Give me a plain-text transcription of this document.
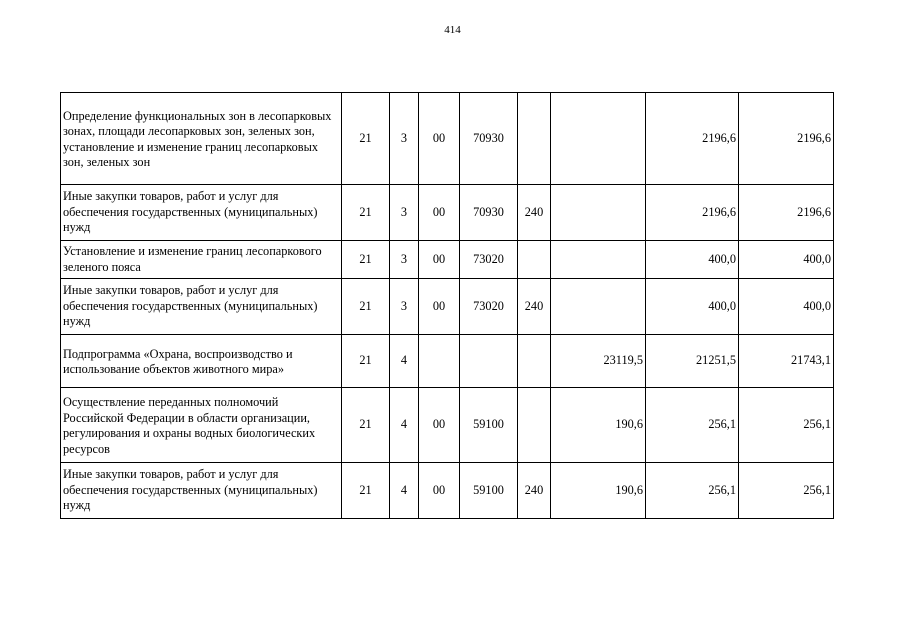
414
Определение функциональных зон в лесопарковых зонах, площади лесопарковых зон, зеленых зон, установление и изменение границ лесопарковых зон, зеленых зон	21	3	00	70930			2196,6	2196,6
Иные закупки товаров, работ и услуг для обеспечения государственных (муниципальных) нужд	21	3	00	70930	240		2196,6	2196,6
Установление и изменение границ лесопаркового зеленого пояса	21	3	00	73020			400,0	400,0
Иные закупки товаров, работ и услуг для обеспечения государственных (муниципальных) нужд	21	3	00	73020	240		400,0	400,0
Подпрограмма «Охрана, воспроизводство и использование объектов животного мира»	21	4				23119,5	21251,5	21743,1
Осуществление переданных полномочий Российской Федерации в области организации, регулирования и охраны водных биологических ресурсов	21	4	00	59100		190,6	256,1	256,1
Иные закупки товаров, работ и услуг для обеспечения государственных (муниципальных) нужд	21	4	00	59100	240	190,6	256,1	256,1
